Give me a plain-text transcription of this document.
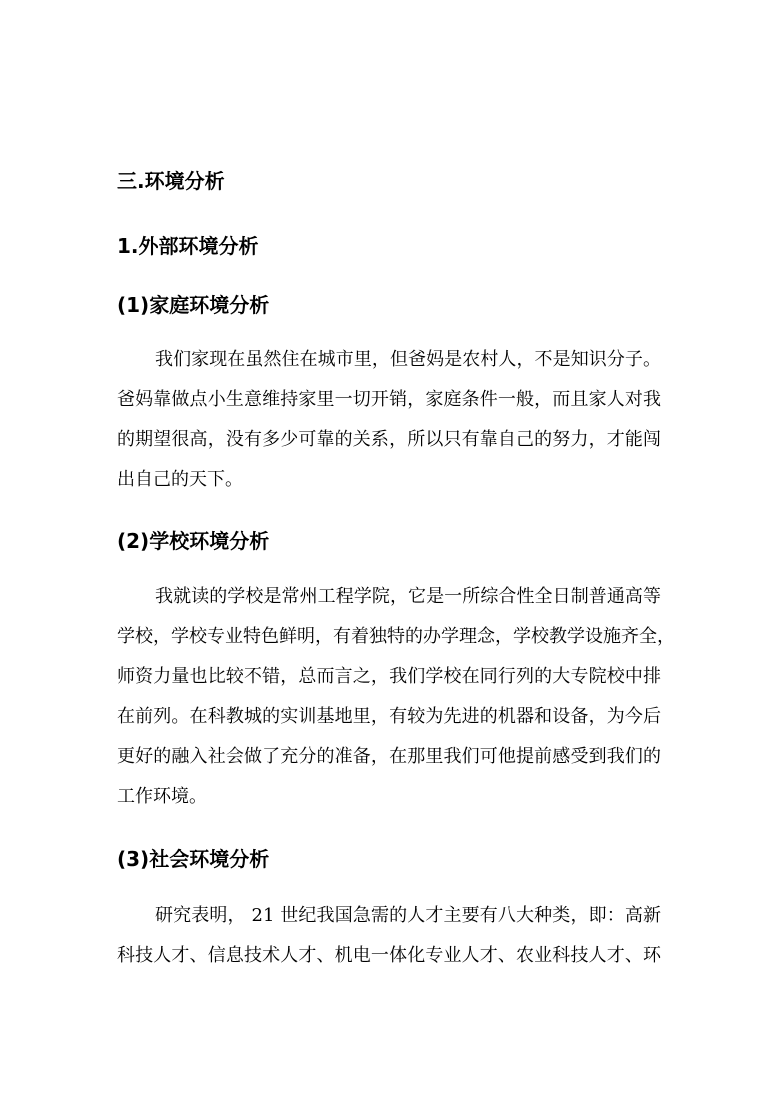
三.环境分析
1.外部环境分析
(1)家庭环境分析
我们家现在虽然住在城市里，但爸妈是农村人，不是知识分子。
爸妈靠做点小生意维持家里一切开销，家庭条件一般，而且家人对我
的期望很高，没有多少可靠的关系，所以只有靠自己的努力，才能闯
出自己的天下。
(2)学校环境分析
我就读的学校是常州工程学院，它是一所综合性全日制普通高等
学校，学校专业特色鲜明，有着独特的办学理念，学校教学设施齐全，
师资力量也比较不错，总而言之，我们学校在同行列的大专院校中排
在前列。在科教城的实训基地里，有较为先进的机器和设备，为今后
更好的融入社会做了充分的准备，在那里我们可他提前感受到我们的
工作环境。
(3)社会环境分析
研究表明， 21 世纪我国急需的人才主要有八大种类，即：高新
科技人才、信息技术人才、机电一体化专业人才、农业科技人才、环
